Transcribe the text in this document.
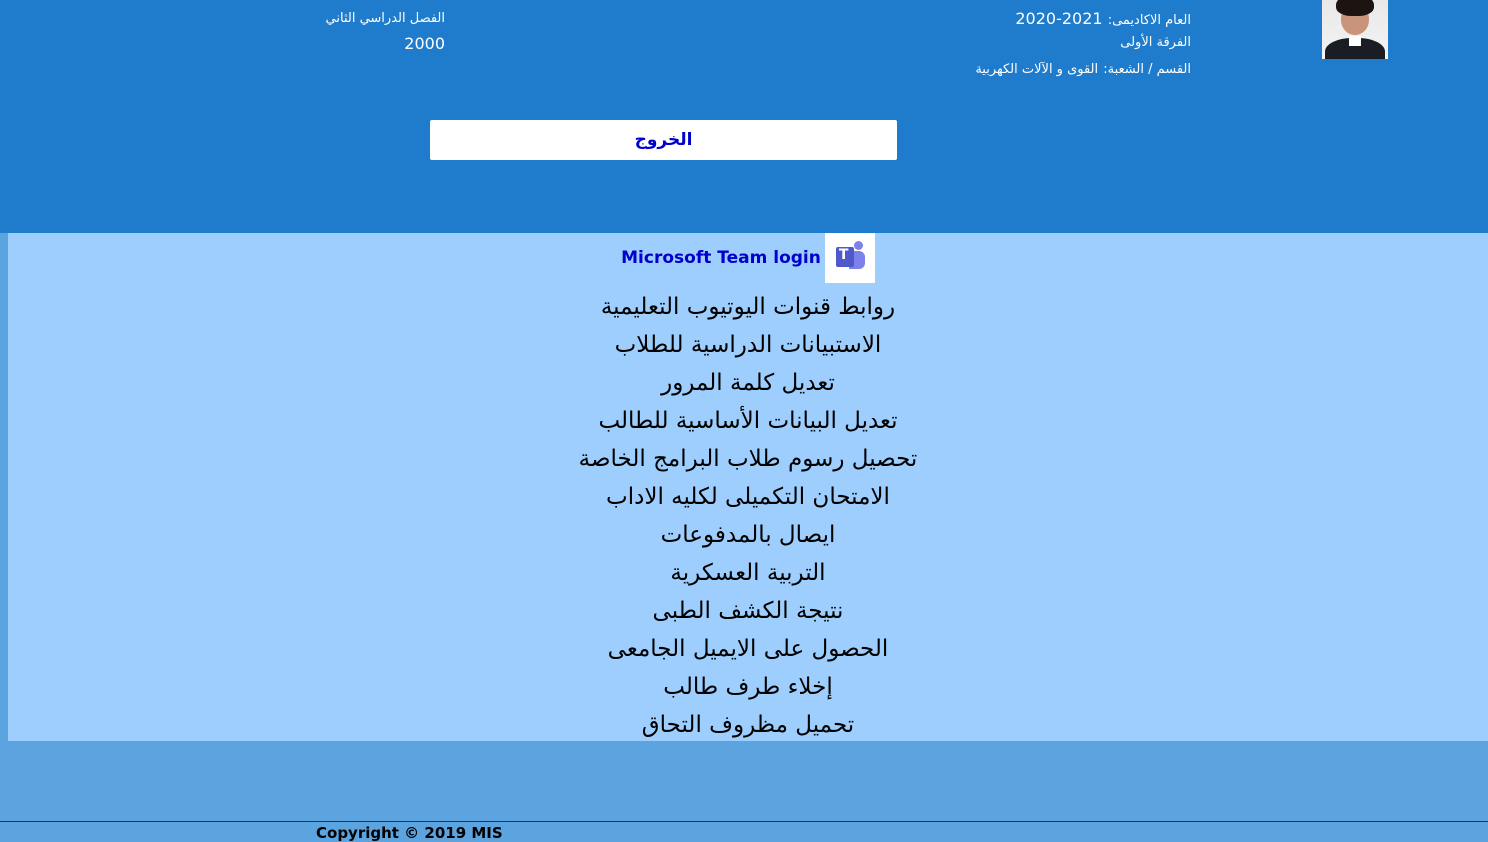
العام الاكاديمى: 2021-2020
الفرقة الأولى
القسم / الشعبة: القوى و الآلات الكهربية
الفصل الدراسي الثاني
2000
الخروج
Microsoft Team login T
روابط قنوات اليوتيوب التعليمية
الاستبيانات الدراسية للطلاب
تعديل كلمة المرور
تعديل البيانات الأساسية للطالب
تحصيل رسوم طلاب البرامج الخاصة
الامتحان التكميلى لكليه الاداب
ايصال بالمدفوعات
التربية العسكرية
نتيجة الكشف الطبى
الحصول على الايميل الجامعى
إخلاء طرف طالب
تحميل مظروف التحاق
Copyright © 2019 MIS
